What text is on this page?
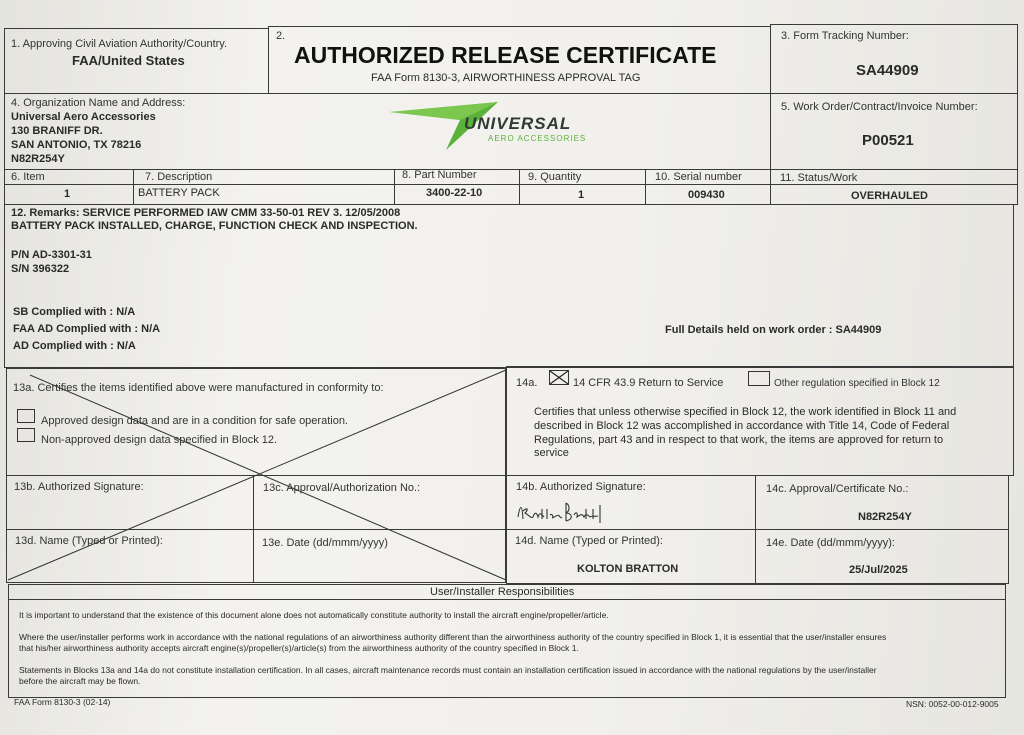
1. Approving Civil Aviation Authority/Country.
FAA/United States
2.
AUTHORIZED RELEASE CERTIFICATE
FAA Form 8130-3, AIRWORTHINESS APPROVAL TAG
3. Form Tracking Number:
SA44909
4. Organization Name and Address:
Universal Aero Accessories
130 BRANIFF DR.
SAN ANTONIO, TX 78216
N82R254Y
UNIVERSAL
AERO ACCESSORIES
5. Work Order/Contract/Invoice Number:
P00521
6. Item	7. Description	8. Part Number	9. Quantity	10. Serial number	11. Status/Work
1	BATTERY PACK	3400-22-10	1	009430	OVERHAULED
12. Remarks: SERVICE PERFORMED IAW CMM 33-50-01 REV 3. 12/05/2008
BATTERY PACK INSTALLED, CHARGE, FUNCTION CHECK AND INSPECTION.
P/N AD-3301-31
S/N 396322
SB Complied with : N/A
FAA AD Complied with : N/A
AD Complied with : N/A
Full Details held on work order : SA44909
13a. Certifies the items identified above were manufactured in conformity to:
Approved design data and are in a condition for safe operation.
Non-approved design data specified in Block 12.
13b. Authorized Signature:	13c. Approval/Authorization No.:
13d. Name (Typed or Printed):	13e. Date (dd/mmm/yyyy)
14a.	14 CFR 43.9 Return to Service	Other regulation specified in Block 12
Certifies that unless otherwise specified in Block 12, the work identified in Block 11 and
described in Block 12 was accomplished in accordance with Title 14, Code of Federal
Regulations, part 43 and in respect to that work, the items are approved for return to
service
14b. Authorized Signature:	14c. Approval/Certificate No.:
N82R254Y
14d. Name (Typed or Printed):
KOLTON BRATTON
14e. Date (dd/mmm/yyyy):
25/Jul/2025
User/Installer Responsibilities
It is important to understand that the existence of this document alone does not automatically constitute authority to install the aircraft engine/propeller/article.
Where the user/installer performs work in accordance with the national regulations of an airworthiness authority different than the airworthiness authority of the country specified in Block 1, it is essential that the user/installer ensures
that his/her airworthiness authority accepts aircraft engine(s)/propeller(s)/article(s) from the airworthiness authority of the country specified in Block 1.
Statements in Blocks 13a and 14a do not constitute installation certification. In all cases, aircraft maintenance records must contain an installation certification issued in accordance with the national regulations by the user/installer
before the aircraft may be flown.
FAA Form 8130-3 (02-14)	NSN: 0052-00-012-9005
